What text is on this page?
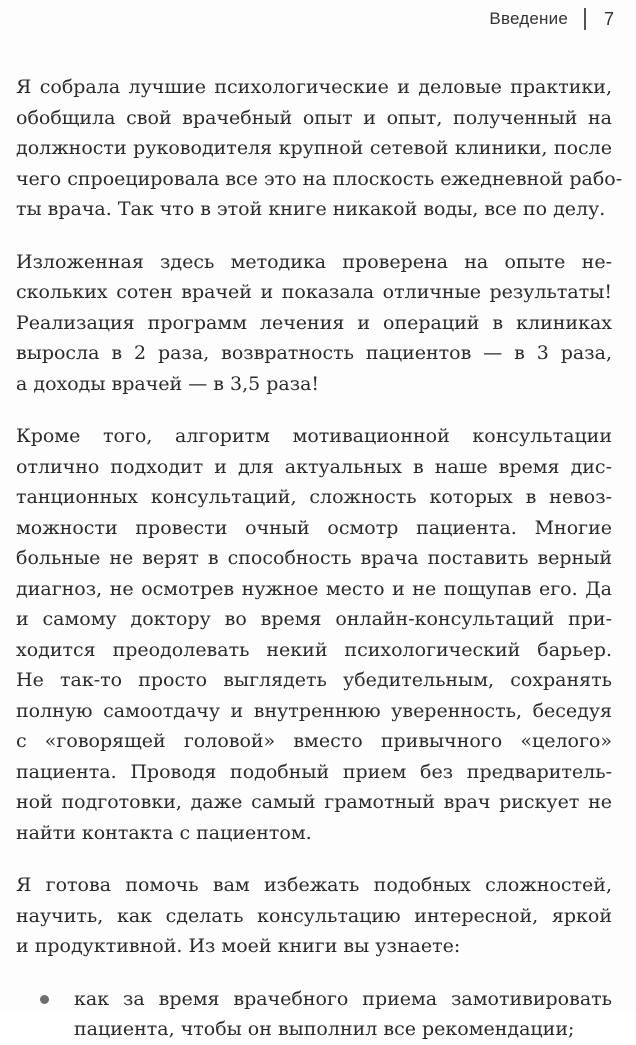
Введение 7

Я собрала лучшие психологические и деловые практики,
обобщила свой врачебный опыт и опыт, полученный на
должности руководителя крупной сетевой клиники, после
чего спроецировала все это на плоскость ежедневной рабо-
ты врача. Так что в этой книге никакой воды, все по делу.

Изложенная здесь методика проверена на опыте не-
скольких сотен врачей и показала отличные результаты!
Реализация программ лечения и операций в клиниках
выросла в 2 раза, возвратность пациентов — в 3 раза,
а доходы врачей — в 3,5 раза!

Кроме того, алгоритм мотивационной консультации
отлично подходит и для актуальных в наше время дис-
танционных консультаций, сложность которых в невоз-
можности провести очный осмотр пациента. Многие
больные не верят в способность врача поставить верный
диагноз, не осмотрев нужное место и не пощупав его. Да
и самому доктору во время онлайн-консультаций при-
ходится преодолевать некий психологический барьер.
Не так-то просто выглядеть убедительным, сохранять
полную самоотдачу и внутреннюю уверенность, беседуя
с «говорящей головой» вместо привычного «целого»
пациента. Проводя подобный прием без предваритель-
ной подготовки, даже самый грамотный врач рискует не
найти контакта с пациентом.

Я готова помочь вам избежать подобных сложностей,
научить, как сделать консультацию интересной, яркой
и продуктивной. Из моей книги вы узнаете:

как за время врачебного приема замотивировать
пациента, чтобы он выполнил все рекомендации;
